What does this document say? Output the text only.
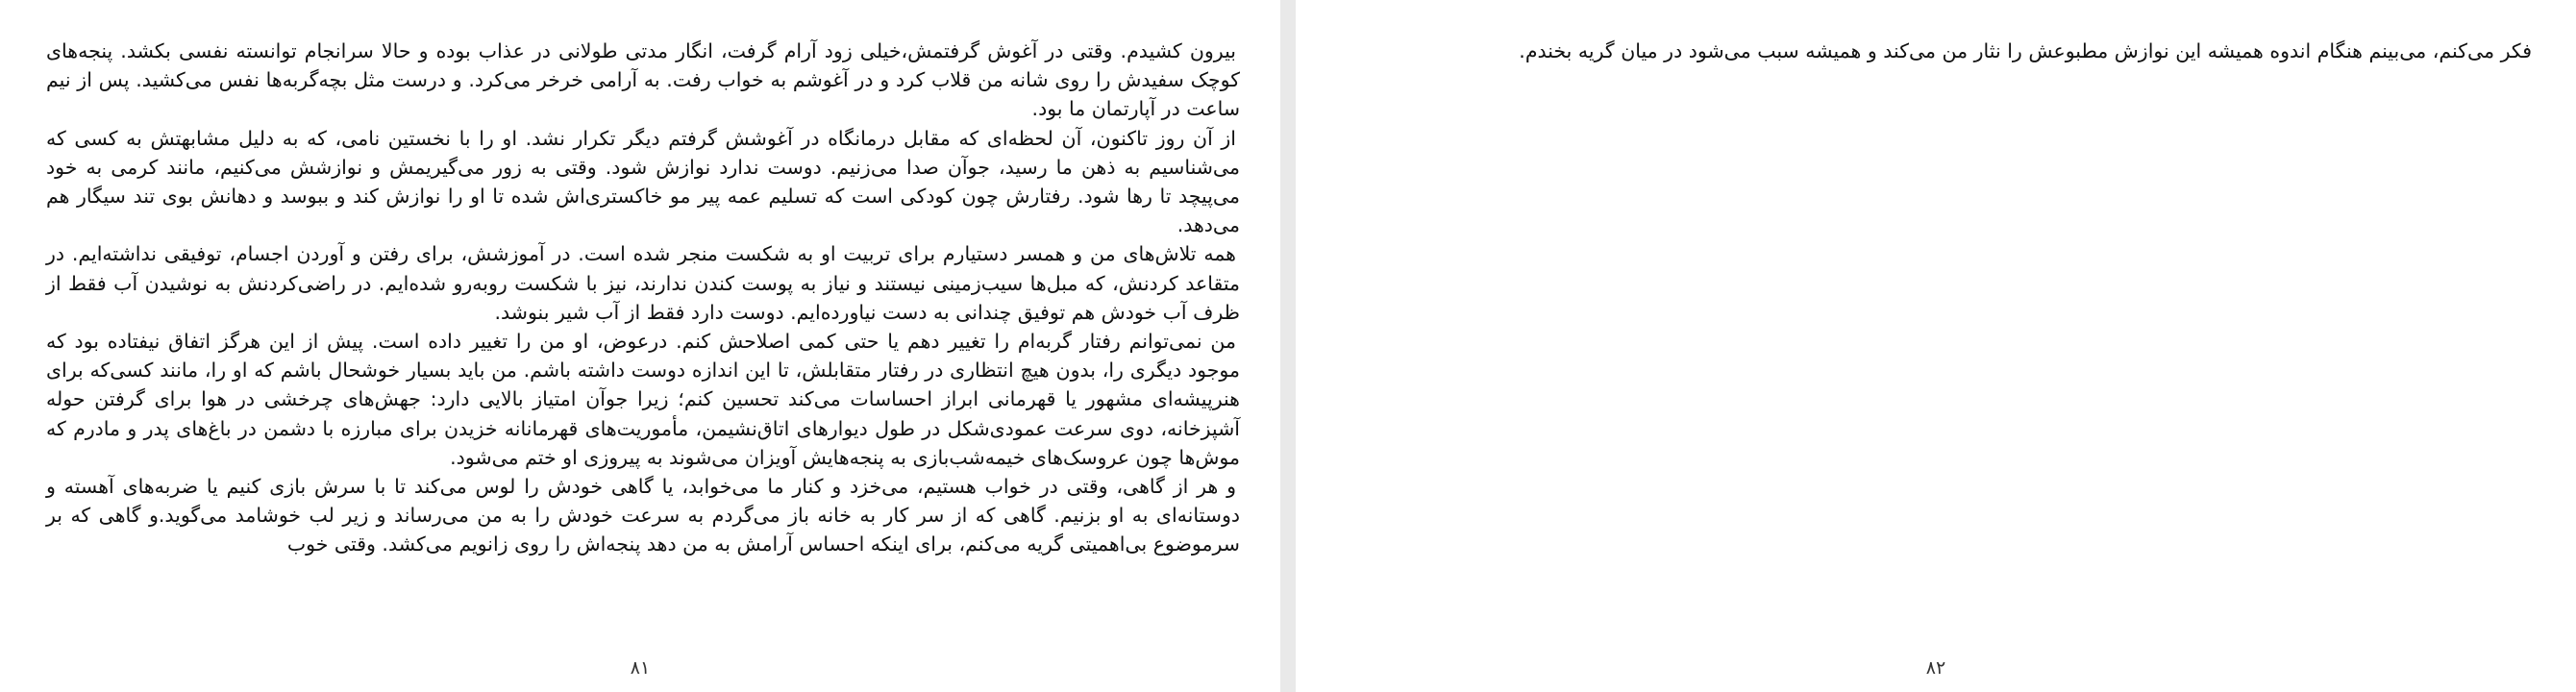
بیرون کشیدم. وقتی در آغوش گرفتمش،خیلی زود آرام گرفت، انگار مدتی طولانی در عذاب بوده و حالا سرانجام توانسته نفسی بکشد. پنجه‌های کوچک سفیدش را روی شانه من قلاب کرد و در آغوشم به خواب رفت. به آرامی خرخر می‌کرد. و درست مثل بچه‌گربه‌ها نفس می‌کشید. پس از نیم ساعت در آپارتمان ما بود.

از آن روز تاکنون، آن لحظه‌ای که مقابل درمانگاه در آغوشش گرفتم دیگر تکرار نشد. او را با نخستین نامی، که به دلیل مشابهتش به کسی که می‌شناسیم به ذهن ما رسید، جوآن صدا می‌زنیم. دوست ندارد نوازش شود. وقتی به زور می‌گیریمش و نوازشش می‌کنیم، مانند کرمی به خود می‌پیچد تا رها شود. رفتارش چون کودکی است که تسلیم عمه پیر مو خاکستری‌اش شده تا او را نوازش کند و ببوسد و دهانش بوی تند سیگار هم می‌دهد.

همه تلاش‌های من و همسر دستیارم برای تربیت او به شکست منجر شده است. در آموزشش، برای رفتن و آوردن اجسام، توفیقی نداشته‌ایم. در متقاعد کردنش، که مبل‌ها سیب‌زمینی نیستند و نیاز به پوست کندن ندارند، نیز با شکست روبه‌رو شده‌ایم. در راضی‌کردنش به نوشیدن آب فقط از ظرف آب خودش هم توفیق چندانی به دست نیاورده‌ایم. دوست دارد فقط از آب شیر بنوشد.

من نمی‌توانم رفتار گربه‌ام را تغییر دهم یا حتی کمی اصلاحش کنم. درعوض، او من را تغییر داده است. پیش از این هرگز اتفاق نیفتاده بود که موجود دیگری را، بدون هیچ انتظاری در رفتار متقابلش، تا این اندازه دوست داشته باشم. من باید بسیار خوشحال باشم که او را، مانند کسی‌که برای هنرپیشه‌ای مشهور یا قهرمانی ابراز احساسات می‌کند تحسین کنم؛ زیرا جوآن امتیاز بالایی دارد: جهش‌های چرخشی در هوا برای گرفتن حوله آشپزخانه، دوی سرعت عمودی‌شکل در طول دیوارهای اتاق‌نشیمن، مأموریت‌های قهرمانانه خزیدن برای مبارزه با دشمن در باغ‌های پدر و مادرم که موش‌ها چون عروسک‌های خیمه‌شب‌بازی به پنجه‌هایش آویزان می‌شوند به پیروزی او ختم می‌شود.

و هر از گاهی، وقتی در خواب هستیم، می‌خزد و کنار ما می‌خوابد، یا گاهی خودش را لوس می‌کند تا با سرش بازی کنیم یا ضربه‌های آهسته و دوستانه‌ای به او بزنیم. گاهی که از سر کار به خانه باز می‌گردم به سرعت خودش را به من می‌رساند و زیر لب خوشامد می‌گوید.و گاهی که بر سرموضوع بی‌اهمیتی گریه می‌کنم، برای اینکه احساس آرامش به من دهد پنجه‌اش را روی زانویم می‌کشد. وقتی خوب

۸۱

فکر می‌کنم، می‌بینم هنگام اندوه همیشه این نوازش مطبوعش را نثار من می‌کند و همیشه سبب می‌شود در میان گریه بخندم.

۸۲
